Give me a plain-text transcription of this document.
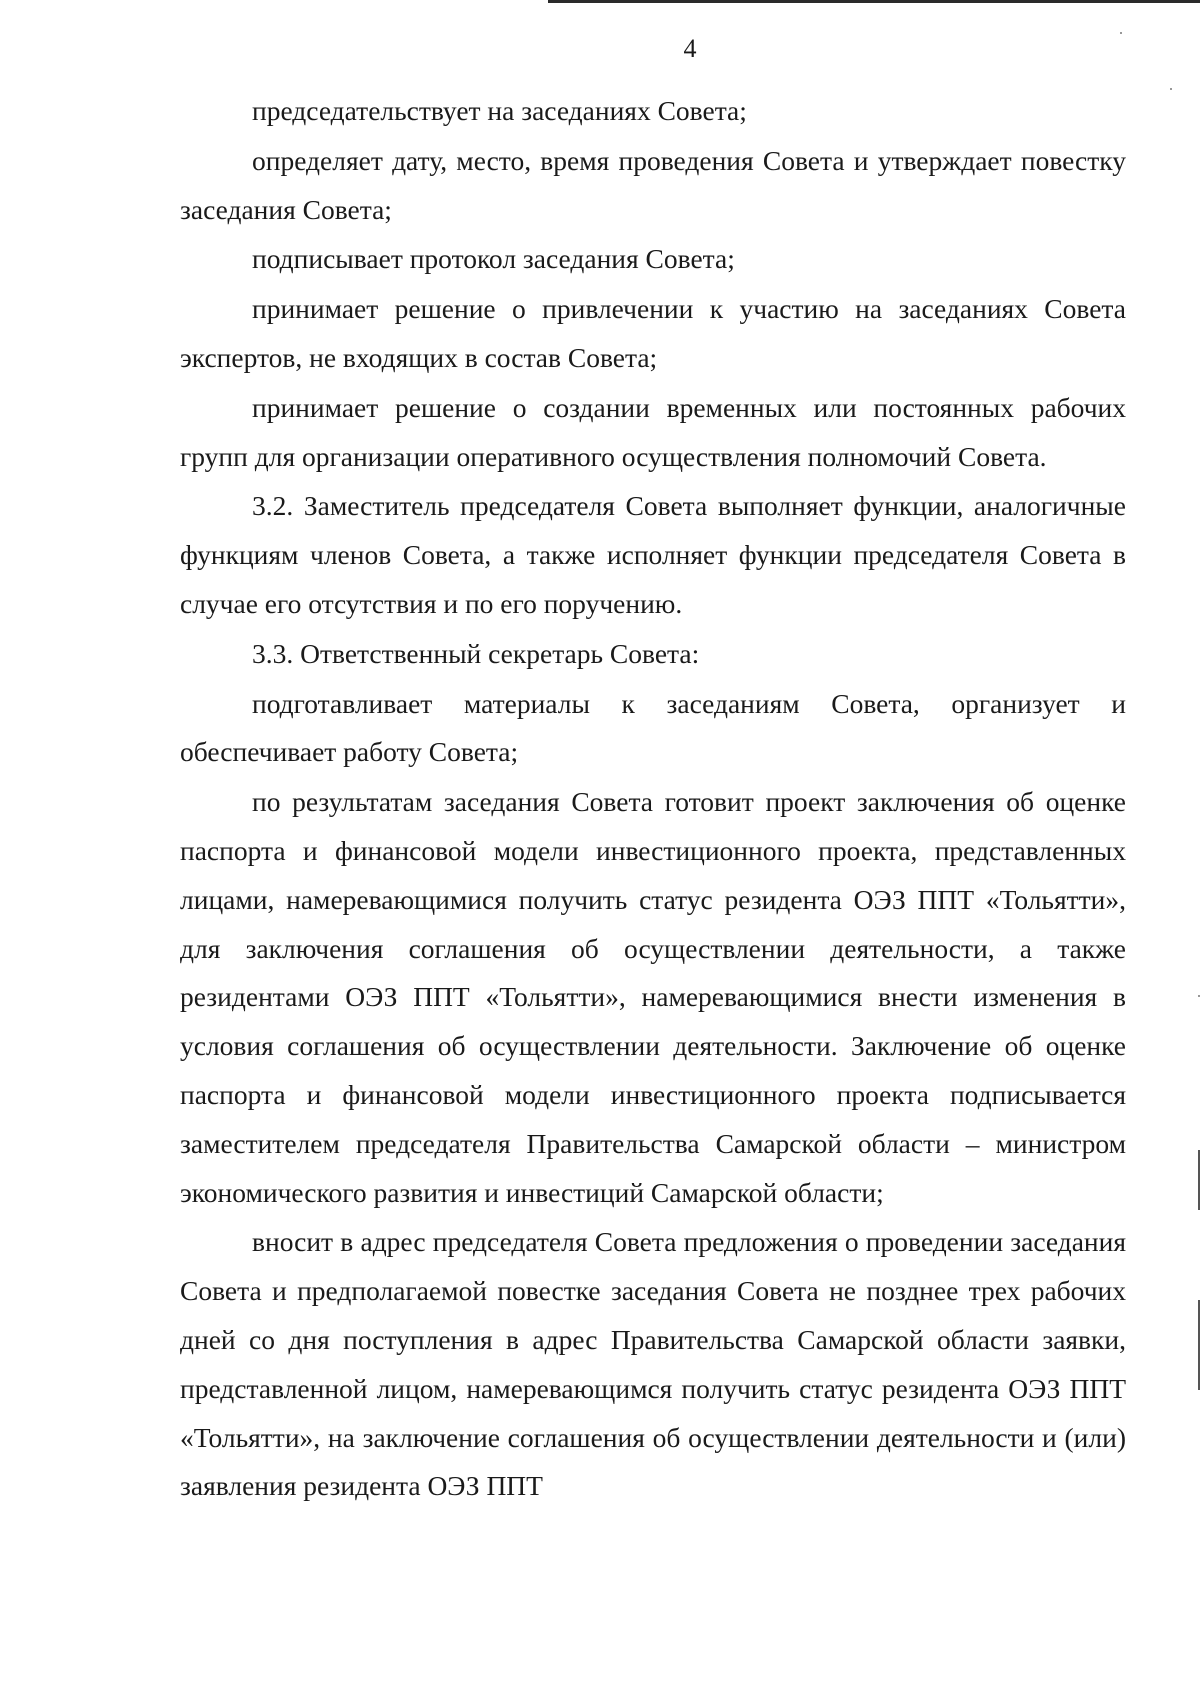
4

председательствует на заседаниях Совета;

определяет дату, место, время проведения Совета и утверждает повестку заседания Совета;

подписывает протокол заседания Совета;

принимает решение о привлечении к участию на заседаниях Совета экспертов, не входящих в состав Совета;

принимает решение о создании временных или постоянных рабочих групп для организации оперативного осуществления полномочий Совета.

3.2. Заместитель председателя Совета выполняет функции, аналогичные функциям членов Совета, а также исполняет функции председателя Совета в случае его отсутствия и по его поручению.

3.3. Ответственный секретарь Совета:

подготавливает материалы к заседаниям Совета, организует и обеспечивает работу Совета;

по результатам заседания Совета готовит проект заключения об оценке паспорта и финансовой модели инвестиционного проекта, представленных лицами, намеревающимися получить статус резидента ОЭЗ ППТ «Тольятти», для заключения соглашения об осуществлении деятельности, а также резидентами ОЭЗ ППТ «Тольятти», намеревающимися внести изменения в условия соглашения об осуществлении деятельности. Заключение об оценке паспорта и финансовой модели инвестиционного проекта подписывается заместителем председателя Правительства Самарской области – министром экономического развития и инвестиций Самарской области;

вносит в адрес председателя Совета предложения о проведении заседания Совета и предполагаемой повестке заседания Совета не позднее трех рабочих дней со дня поступления в адрес Правительства Самарской области заявки, представленной лицом, намеревающимся получить статус резидента ОЭЗ ППТ «Тольятти», на заключение соглашения об осуществлении деятельности и (или) заявления резидента ОЭЗ ППТ
